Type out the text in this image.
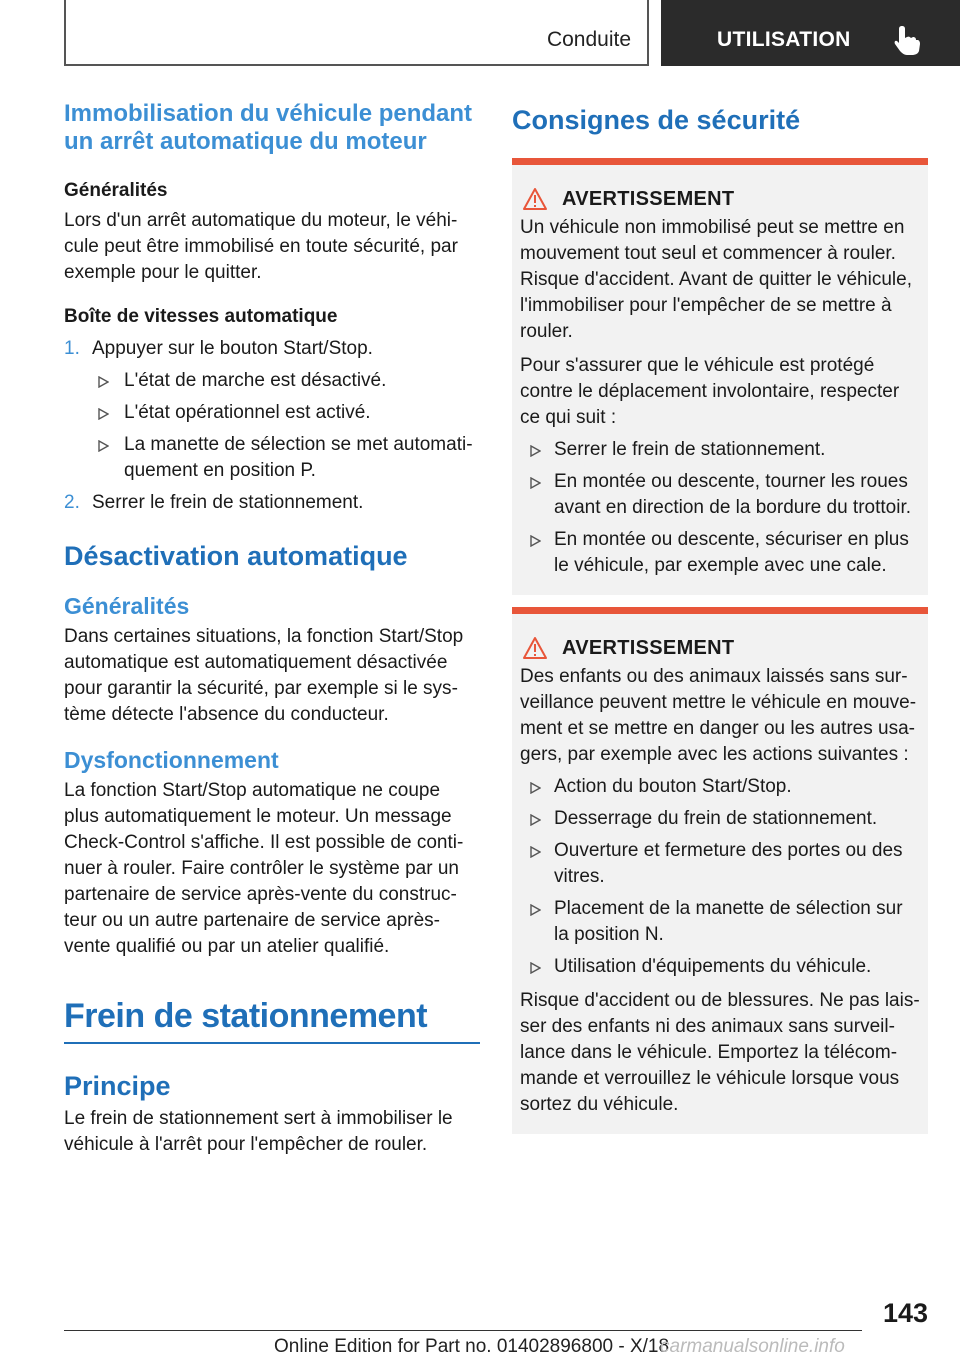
Conduite	UTILISATION
Immobilisation du véhicule pendant un arrêt automatique du moteur
Généralités

Lors d'un arrêt automatique du moteur, le véhicule peut être immobilisé en toute sécurité, par exemple pour le quitter.

Boîte de vitesses automatique
1. Appuyer sur le bouton Start/Stop.
L'état de marche est désactivé.
L'état opérationnel est activé.
La manette de sélection se met automatiquement en position P.
2. Serrer le frein de stationnement.
Désactivation automatique
Généralités

Dans certaines situations, la fonction Start/Stop automatique est automatiquement désactivée pour garantir la sécurité, par exemple si le système détecte l'absence du conducteur.

Dysfonctionnement

La fonction Start/Stop automatique ne coupe plus automatiquement le moteur. Un message Check-Control s'affiche. Il est possible de continuer à rouler. Faire contrôler le système par un partenaire de service après-vente du constructeur ou un autre partenaire de service après-vente qualifié ou par un atelier qualifié.

Frein de stationnement
Principe

Le frein de stationnement sert à immobiliser le véhicule à l'arrêt pour l'empêcher de rouler.

Consignes de sécurité
AVERTISSEMENT

Un véhicule non immobilisé peut se mettre en mouvement tout seul et commencer à rouler. Risque d'accident. Avant de quitter le véhicule, l'immobiliser pour l'empêcher de se mettre à rouler.

Pour s'assurer que le véhicule est protégé contre le déplacement involontaire, respecter ce qui suit :

Serrer le frein de stationnement.
En montée ou descente, tourner les roues avant en direction de la bordure du trottoir.
En montée ou descente, sécuriser en plus le véhicule, par exemple avec une cale.
AVERTISSEMENT

Des enfants ou des animaux laissés sans surveillance peuvent mettre le véhicule en mouvement et se mettre en danger ou les autres usagers, par exemple avec les actions suivantes :

Action du bouton Start/Stop.
Desserrage du frein de stationnement.
Ouverture et fermeture des portes ou des vitres.
Placement de la manette de sélection sur la position N.
Utilisation d'équipements du véhicule.

Risque d'accident ou de blessures. Ne pas laisser des enfants ni des animaux sans surveillance dans le véhicule. Emportez la télécommande et verrouillez le véhicule lorsque vous sortez du véhicule.

143
Online Edition for Part no. 01402896800 - X/18
carmanualsonline.info
